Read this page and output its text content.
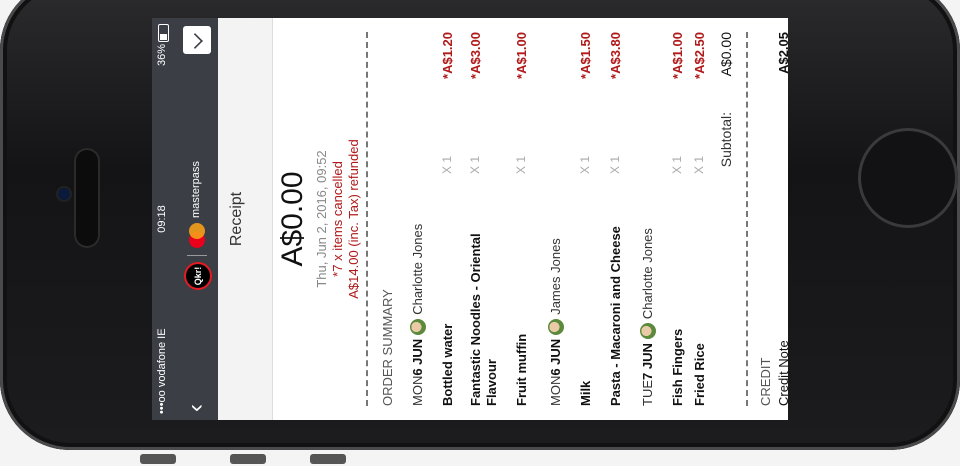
•••oo vodafone IE
09:18
36%
‹
Qkr!
masterpass
Receipt A$0.00 Thu, Jun 2, 2016, 09:52 *7 x items cancelled A$14.00 (inc. Tax) refunded
ORDER SUMMARY MON6 JUNCharlotte Jones
Bottled water
X 1
*A$1.20
Fantastic Noodles - Oriental Flavour
X 1
*A$3.00
Fruit muffin
X 1
*A$1.00
MON6 JUNJames Jones
Milk
X 1
*A$1.50
Pasta - Macaroni and Cheese
X 1
*A$3.80
TUE7 JUNCharlotte Jones
Fish Fingers
X 1
*A$1.00
Fried Rice
X 1
*A$2.50
Subtotal:
A$0.00
CREDIT Credit Note
A$2.05
